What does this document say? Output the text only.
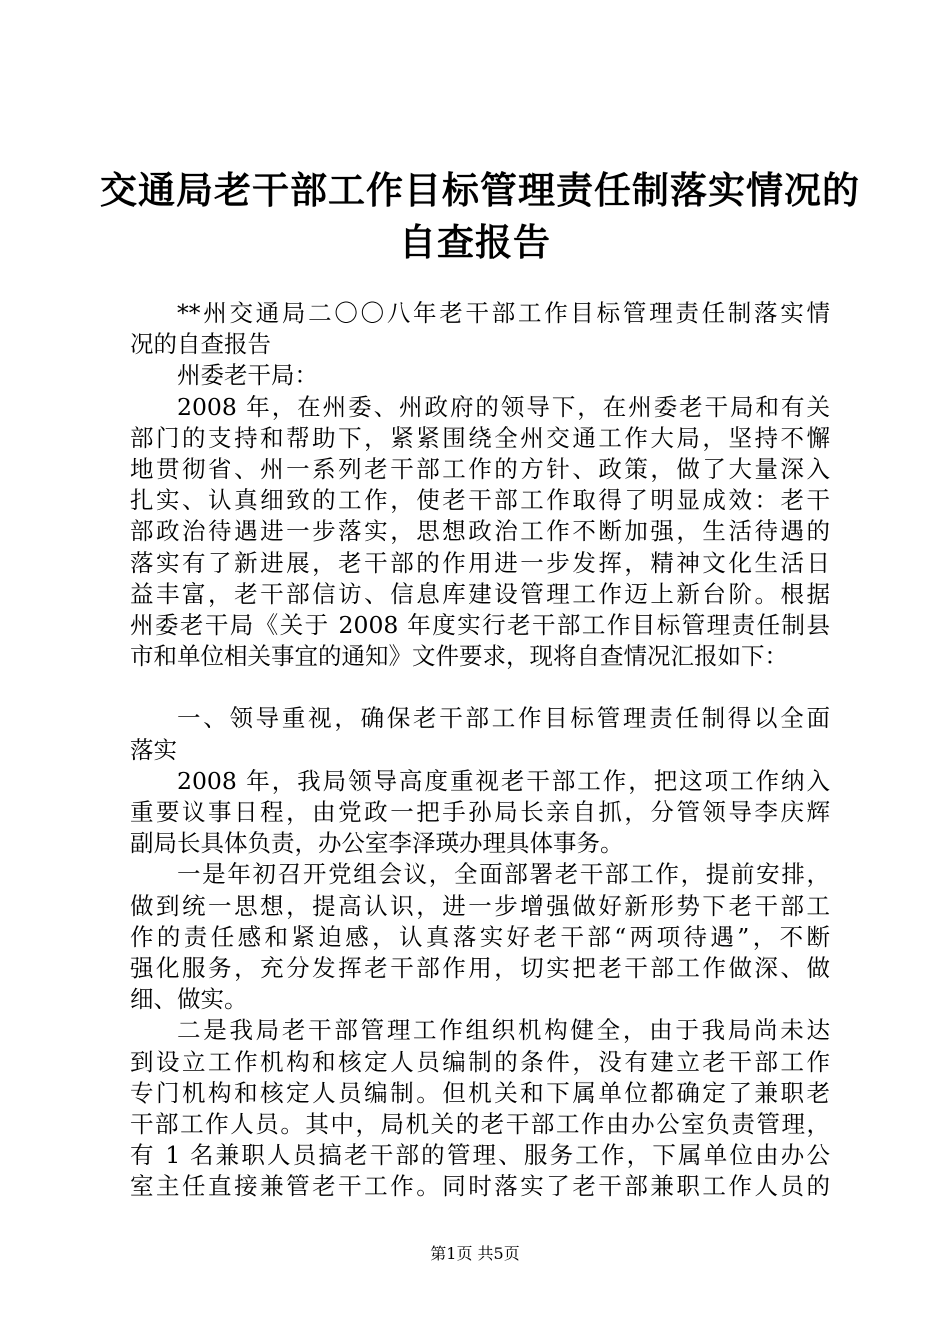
交通局老干部工作目标管理责任制落实情况的
自查报告
**州交通局二〇〇八年老干部工作目标管理责任制落实情
况的自查报告
州委老干局：
2008 年，在州委、州政府的领导下，在州委老干局和有关
部门的支持和帮助下，紧紧围绕全州交通工作大局，坚持不懈
地贯彻省、州一系列老干部工作的方针、政策，做了大量深入
扎实、认真细致的工作，使老干部工作取得了明显成效：老干
部政治待遇进一步落实，思想政治工作不断加强，生活待遇的
落实有了新进展，老干部的作用进一步发挥，精神文化生活日
益丰富，老干部信访、信息库建设管理工作迈上新台阶。根据
州委老干局《关于 2008 年度实行老干部工作目标管理责任制县
市和单位相关事宜的通知》文件要求，现将自查情况汇报如下：
一、领导重视，确保老干部工作目标管理责任制得以全面
落实
2008 年，我局领导高度重视老干部工作，把这项工作纳入
重要议事日程，由党政一把手孙局长亲自抓，分管领导李庆辉
副局长具体负责，办公室李泽瑛办理具体事务。
一是年初召开党组会议，全面部署老干部工作，提前安排，
做到统一思想，提高认识，进一步增强做好新形势下老干部工
作的责任感和紧迫感，认真落实好老干部“两项待遇”，不断
强化服务，充分发挥老干部作用，切实把老干部工作做深、做
细、做实。
二是我局老干部管理工作组织机构健全，由于我局尚未达
到设立工作机构和核定人员编制的条件，没有建立老干部工作
专门机构和核定人员编制。但机关和下属单位都确定了兼职老
干部工作人员。其中，局机关的老干部工作由办公室负责管理，
有 1 名兼职人员搞老干部的管理、服务工作，下属单位由办公
室主任直接兼管老干工作。同时落实了老干部兼职工作人员的
第1页 共5页
